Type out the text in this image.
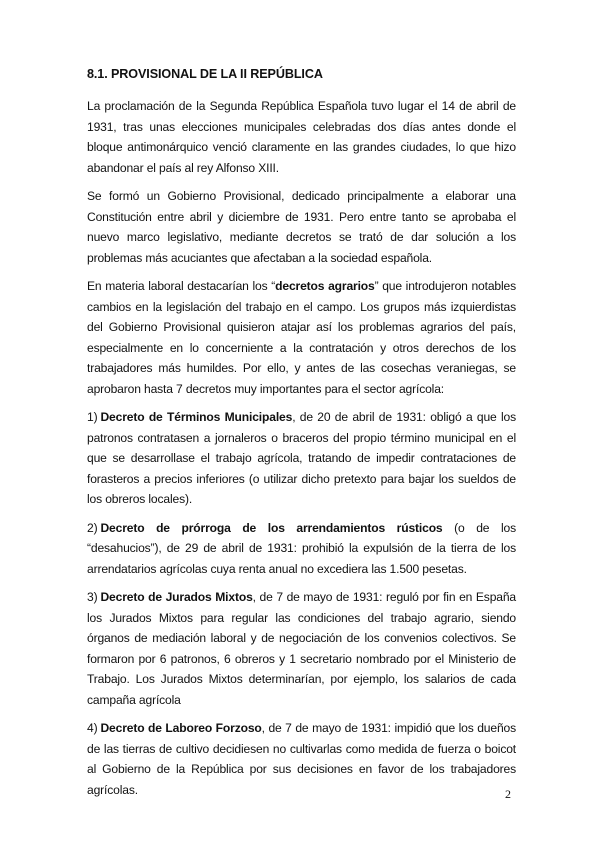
8.1. PROVISIONAL DE LA II REPÚBLICA

La proclamación de la Segunda República Española tuvo lugar el 14 de abril de 1931, tras unas elecciones municipales celebradas dos días antes donde el bloque antimonárquico venció claramente en las grandes ciudades, lo que hizo abandonar el país al rey Alfonso XIII.

Se formó un Gobierno Provisional, dedicado principalmente a elaborar una Constitución entre abril y diciembre de 1931. Pero entre tanto se aprobaba el nuevo marco legislativo, mediante decretos se trató de dar solución a los problemas más acuciantes que afectaban a la sociedad española.

En materia laboral destacarían los “decretos agrarios” que introdujeron notables cambios en la legislación del trabajo en el campo. Los grupos más izquierdistas del Gobierno Provisional quisieron atajar así los problemas agrarios del país, especialmente en lo concerniente a la contratación y otros derechos de los trabajadores más humildes. Por ello, y antes de las cosechas veraniegas, se aprobaron hasta 7 decretos muy importantes para el sector agrícola:

1) Decreto de Términos Municipales, de 20 de abril de 1931: obligó a que los patronos contratasen a jornaleros o braceros del propio término municipal en el que se desarrollase el trabajo agrícola, tratando de impedir contrataciones de forasteros a precios inferiores (o utilizar dicho pretexto para bajar los sueldos de los obreros locales).

2) Decreto de prórroga de los arrendamientos rústicos (o de los “desahucios”), de 29 de abril de 1931: prohibió la expulsión de la tierra de los arrendatarios agrícolas cuya renta anual no excediera las 1.500 pesetas.

3) Decreto de Jurados Mixtos, de 7 de mayo de 1931: reguló por fin en España los Jurados Mixtos para regular las condiciones del trabajo agrario, siendo órganos de mediación laboral y de negociación de los convenios colectivos. Se formaron por 6 patronos, 6 obreros y 1 secretario nombrado por el Ministerio de Trabajo. Los Jurados Mixtos determinarían, por ejemplo, los salarios de cada campaña agrícola

4) Decreto de Laboreo Forzoso, de 7 de mayo de 1931: impidió que los dueños de las tierras de cultivo decidiesen no cultivarlas como medida de fuerza o boicot al Gobierno de la República por sus decisiones en favor de los trabajadores agrícolas.	2
